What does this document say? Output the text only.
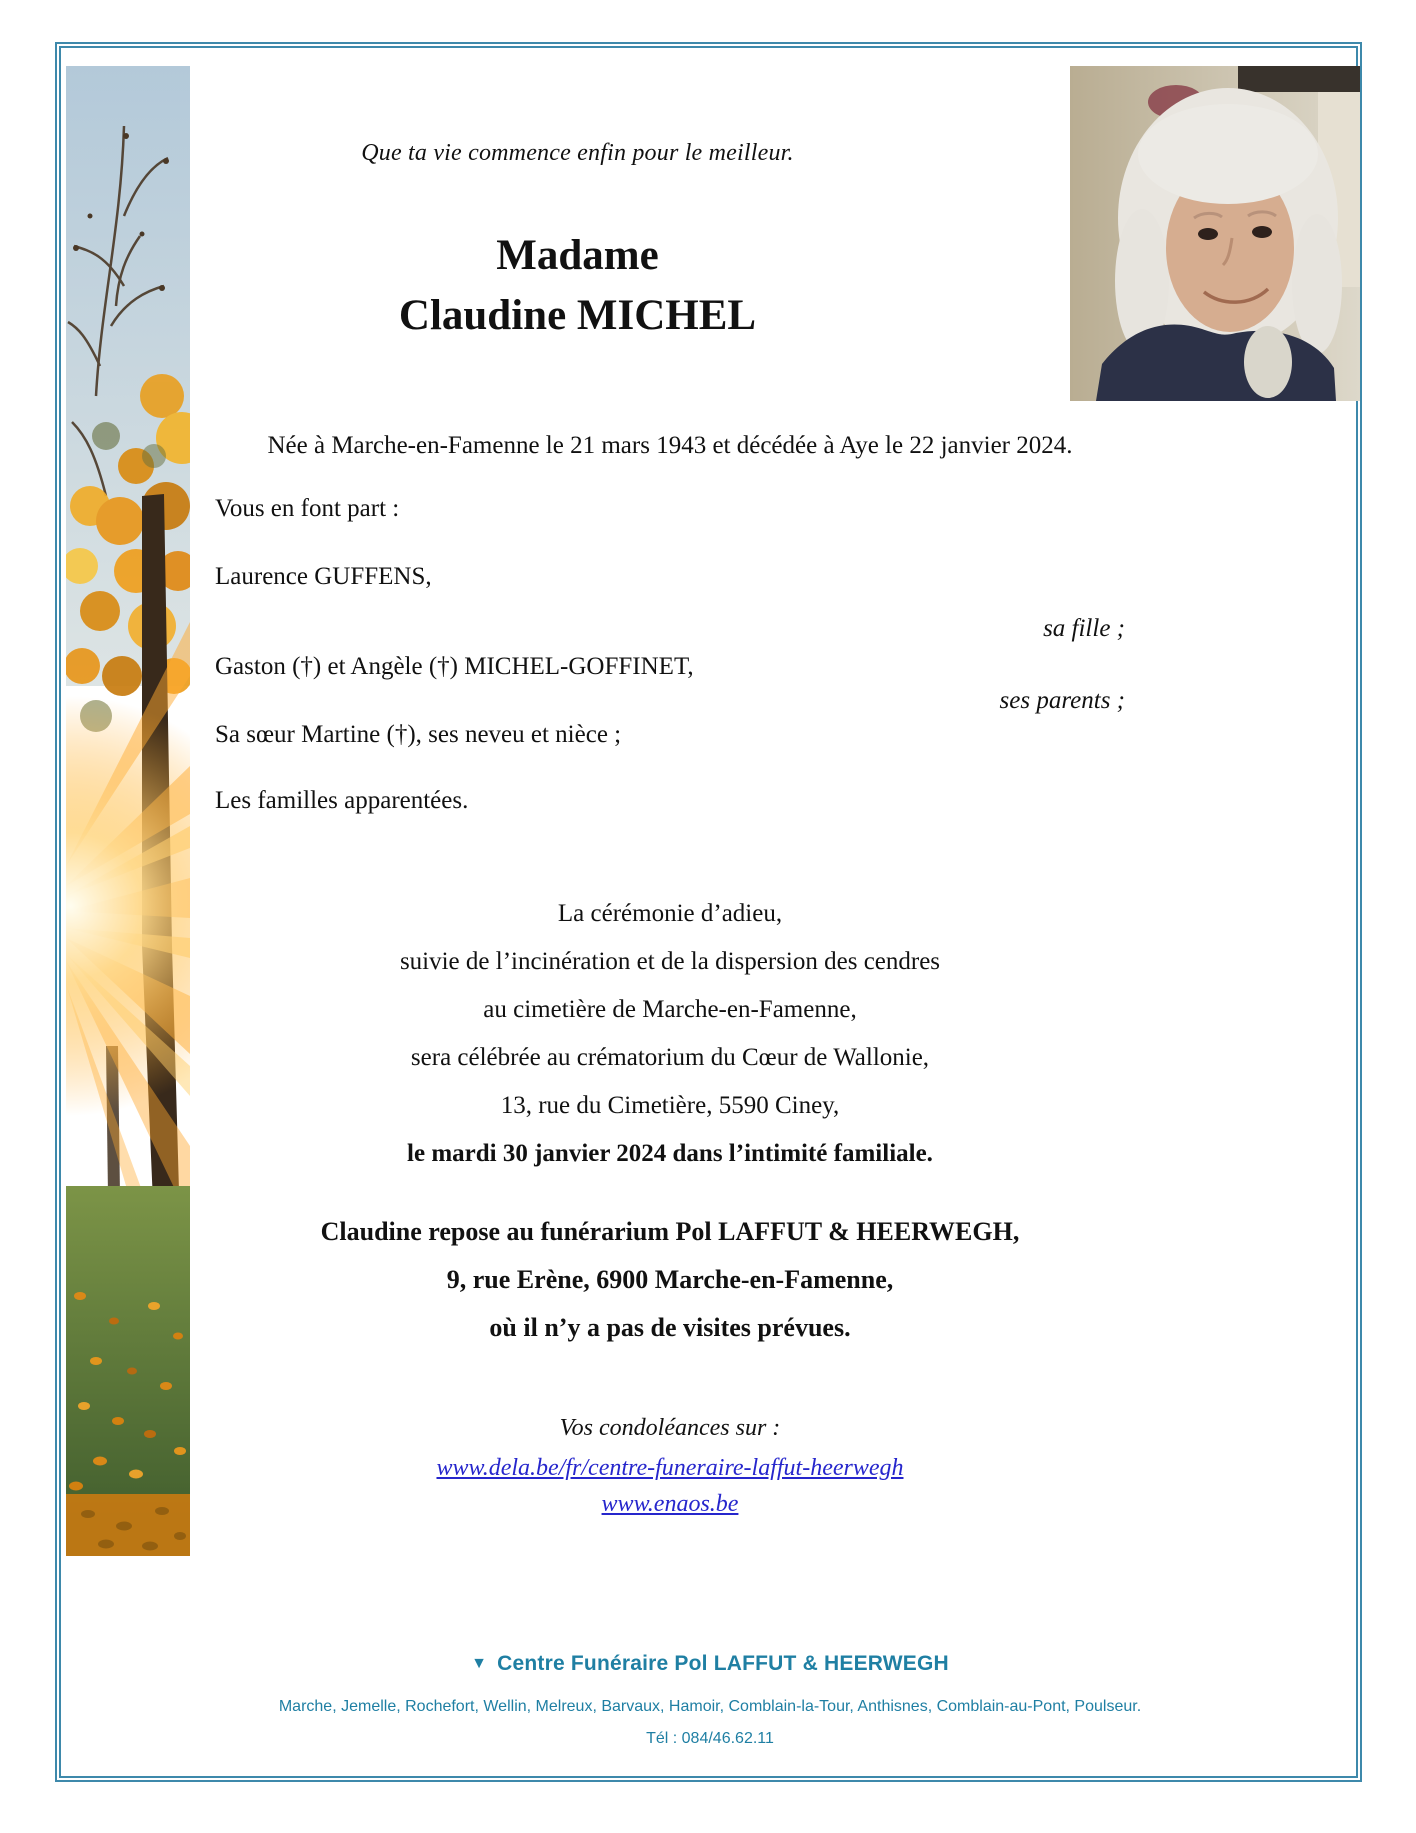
Que ta vie commence enfin pour le meilleur.
Madame
Claudine MICHEL
Née à Marche-en-Famenne le 21 mars 1943 et décédée à Aye le 22 janvier 2024.
Vous en font part :
Laurence GUFFENS,
sa fille ;
Gaston (†) et Angèle (†) MICHEL-GOFFINET,
ses parents ;
Sa sœur Martine (†), ses neveu et nièce ;
Les familles apparentées.
La cérémonie d’adieu,
suivie de l’incinération et de la dispersion des cendres
au cimetière de Marche-en-Famenne,
sera célébrée au crématorium du Cœur de Wallonie,
13, rue du Cimetière, 5590 Ciney,
le mardi 30 janvier 2024 dans l’intimité familiale.
Claudine repose au funérarium Pol LAFFUT & HEERWEGH,
9, rue Erène, 6900 Marche-en-Famenne,
où il n’y a pas de visites prévues.
Vos condoléances sur :
www.dela.be/fr/centre-funeraire-laffut-heerwegh
www.enaos.be
▼ Centre Funéraire Pol LAFFUT & HEERWEGH
Marche, Jemelle, Rochefort, Wellin, Melreux, Barvaux, Hamoir, Comblain-la-Tour, Anthisnes, Comblain-au-Pont, Poulseur.
Tél : 084/46.62.11
